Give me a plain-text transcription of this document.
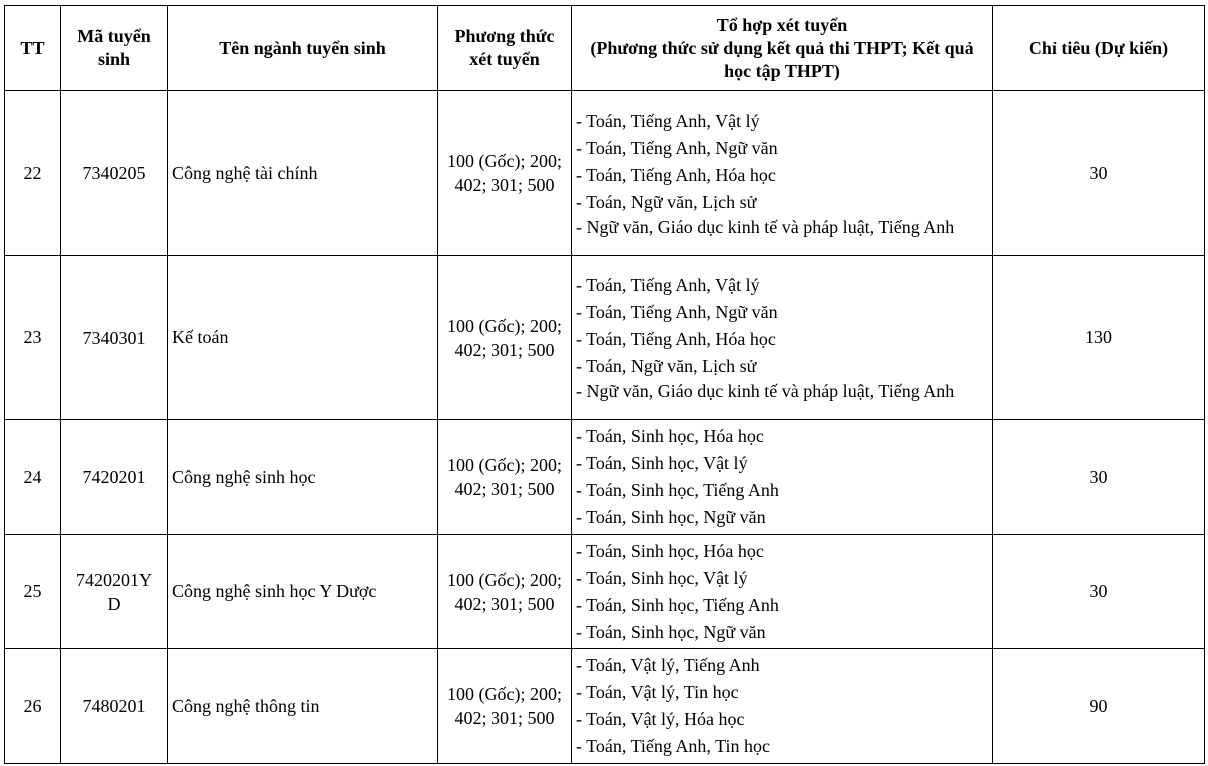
TT	Mã tuyển sinh	Tên ngành tuyển sinh	Phương thức xét tuyển	Tổ hợp xét tuyển
(Phương thức sử dụng kết quả thi THPT; Kết quả học tập THPT)	Chỉ tiêu (Dự kiến)
22	7340205	Công nghệ tài chính	100 (Gốc); 200; 402; 301; 500	- Toán, Tiếng Anh, Vật lý
- Toán, Tiếng Anh, Ngữ văn
- Toán, Tiếng Anh, Hóa học
- Toán, Ngữ văn, Lịch sử
- Ngữ văn, Giáo dục kinh tế và pháp luật, Tiếng Anh	30
23	7340301	Kế toán	100 (Gốc); 200; 402; 301; 500	- Toán, Tiếng Anh, Vật lý
- Toán, Tiếng Anh, Ngữ văn
- Toán, Tiếng Anh, Hóa học
- Toán, Ngữ văn, Lịch sử
- Ngữ văn, Giáo dục kinh tế và pháp luật, Tiếng Anh	130
24	7420201	Công nghệ sinh học	100 (Gốc); 200; 402; 301; 500	- Toán, Sinh học, Hóa học
- Toán, Sinh học, Vật lý
- Toán, Sinh học, Tiếng Anh
- Toán, Sinh học, Ngữ văn	30
25	7420201YD	Công nghệ sinh học Y Dược	100 (Gốc); 200; 402; 301; 500	- Toán, Sinh học, Hóa học
- Toán, Sinh học, Vật lý
- Toán, Sinh học, Tiếng Anh
- Toán, Sinh học, Ngữ văn	30
26	7480201	Công nghệ thông tin	100 (Gốc); 200; 402; 301; 500	- Toán, Vật lý, Tiếng Anh
- Toán, Vật lý, Tin học
- Toán, Vật lý, Hóa học
- Toán, Tiếng Anh, Tin học	90
